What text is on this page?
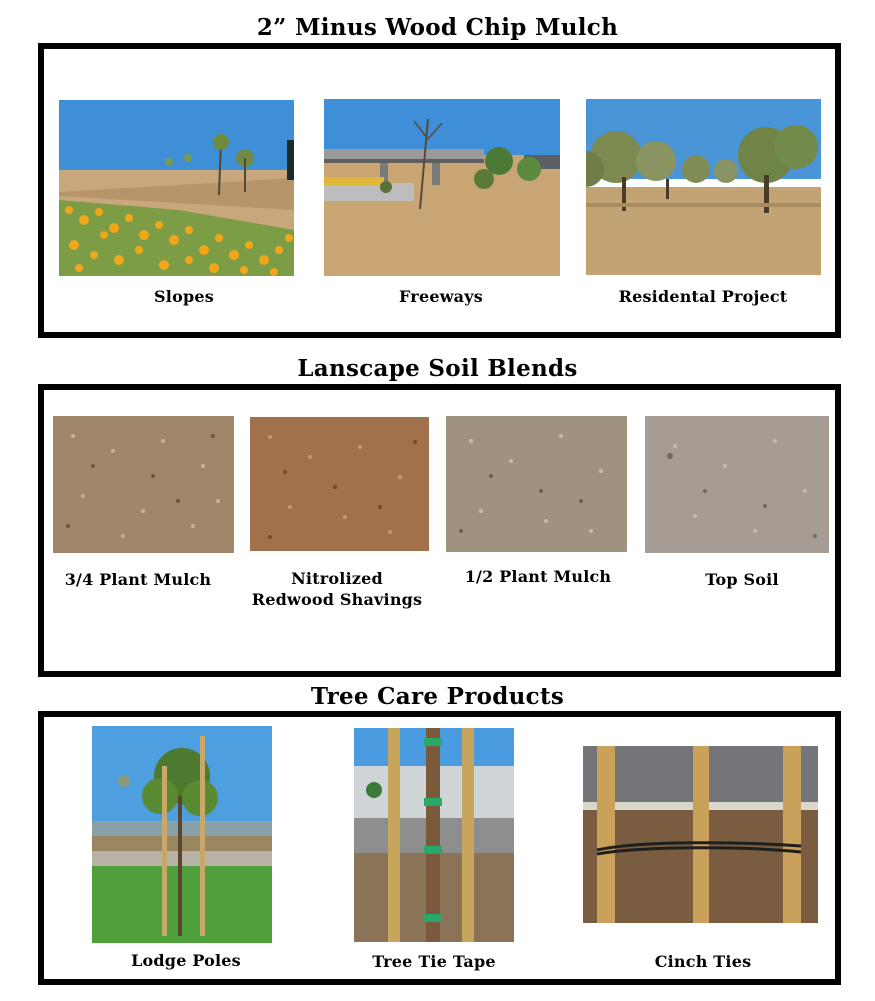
2” Minus Wood Chip Mulch
Slopes	Freeways	Residental Project
Lanscape Soil Blends
3/4 Plant Mulch	Nitrolized
Redwood Shavings
1/2 Plant Mulch	Top Soil
Tree Care Products
Lodge Poles	Tree Tie Tape	Cinch Ties
